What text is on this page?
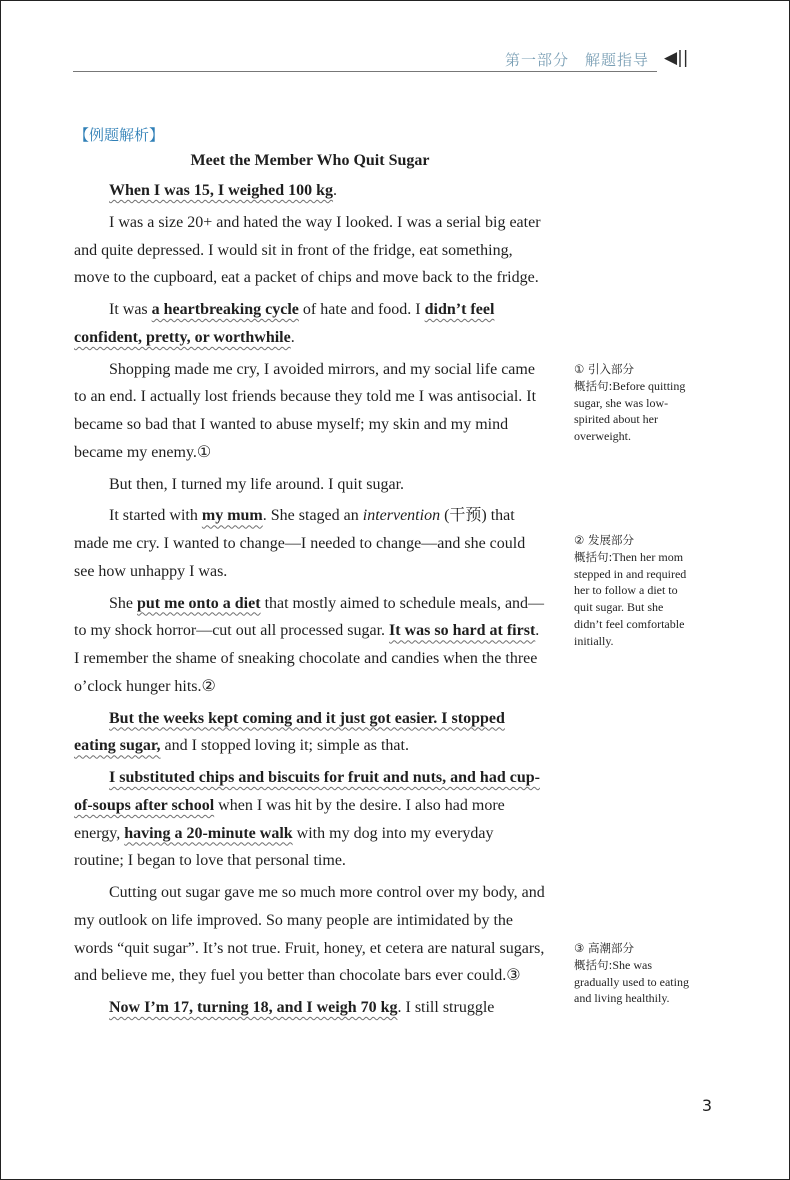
第一部分　解题指导 ◀||
【例题解析】
Meet the Member Who Quit Sugar

When I was 15, I weighed 100 kg.

I was a size 20+ and hated the way I looked. I was a serial big eater and quite depressed. I would sit in front of the fridge, eat something, move to the cupboard, eat a packet of chips and move back to the fridge.

It was a heartbreaking cycle of hate and food. I didn’t feel confident, pretty, or worthwhile.

Shopping made me cry, I avoided mirrors, and my social life came to an end. I actually lost friends because they told me I was antisocial. It became so bad that I wanted to abuse myself; my skin and my mind became my enemy.①

But then, I turned my life around. I quit sugar.

It started with my mum. She staged an intervention (干预) that made me cry. I wanted to change—I needed to change—and she could see how unhappy I was.

She put me onto a diet that mostly aimed to schedule meals, and—to my shock horror—cut out all processed sugar. It was so hard at first. I remember the shame of sneaking chocolate and candies when the three o’clock hunger hits.②

But the weeks kept coming and it just got easier. I stopped eating sugar, and I stopped loving it; simple as that.

I substituted chips and biscuits for fruit and nuts, and had cup-of-soups after school when I was hit by the desire. I also had more energy, having a 20-minute walk with my dog into my everyday routine; I began to love that personal time.

Cutting out sugar gave me so much more control over my body, and my outlook on life improved. So many people are intimidated by the words “quit sugar”. It’s not true. Fruit, honey, et cetera are natural sugars, and believe me, they fuel you better than chocolate bars ever could.③

Now I’m 17, turning 18, and I weigh 70 kg. I still struggle

① 引入部分
概括句:Before quitting sugar, she was low-spirited about her overweight.
② 发展部分
概括句:Then her mom stepped in and required her to follow a diet to quit sugar. But she didn’t feel comfortable initially.
③ 高潮部分
概括句:She was gradually used to eating and living healthily.
3
